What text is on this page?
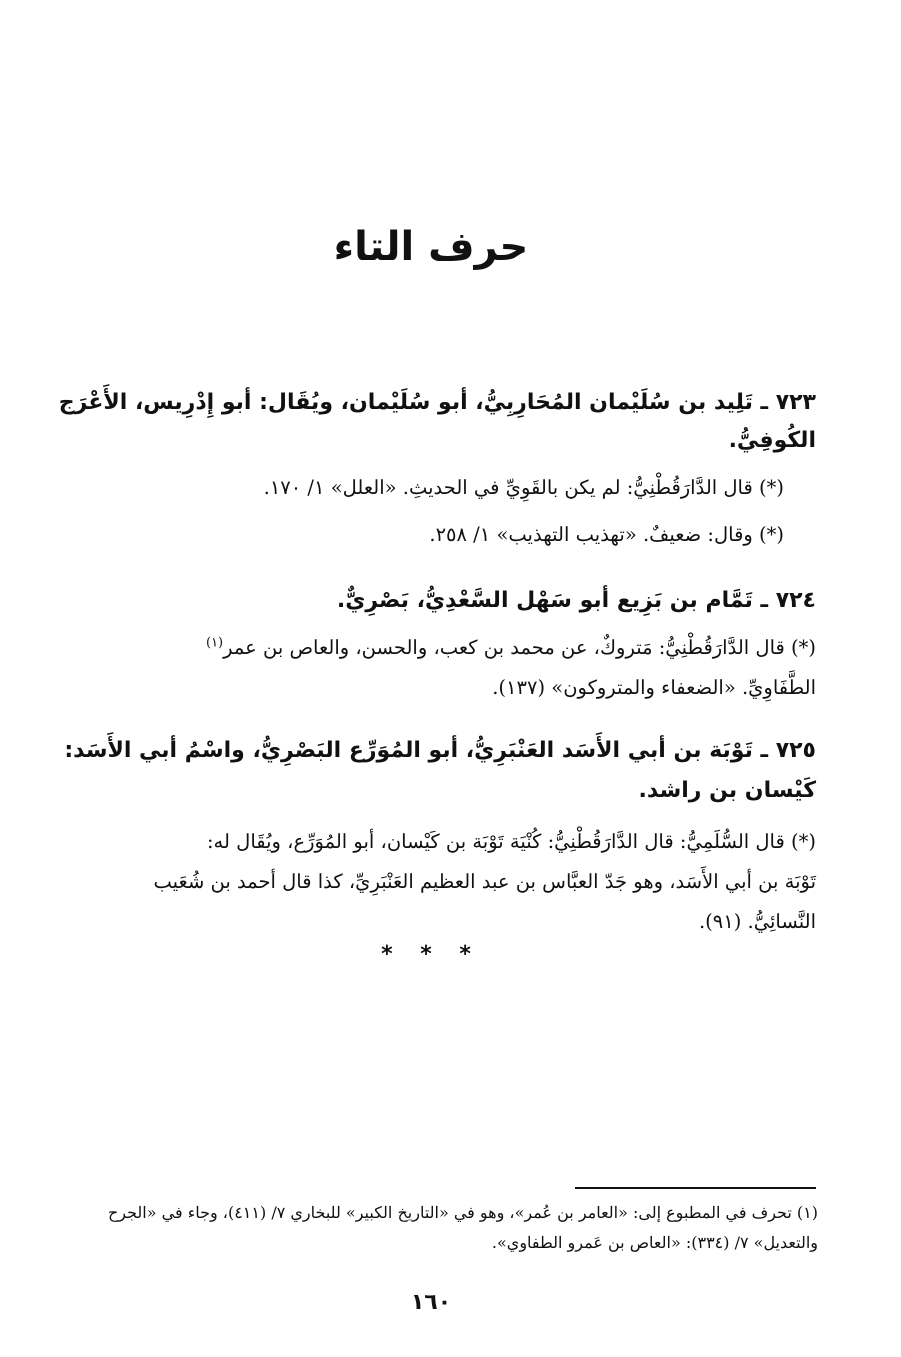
حرف التاء
٧٢٣ ـ تَلِيد بن سُلَيْمان المُحَارِبِيُّ، أبو سُلَيْمان، ويُقَال: أبو إِدْرِيس، الأَعْرَج
الكُوفِيُّ.
(*) قال الدَّارَقُطْنِيُّ: لم يكن بالقَوِيِّ في الحديثِ. «العلل» ١/ ١٧٠.
(*) وقال: ضعيفٌ. «تهذيب التهذيب» ١/ ٢٥٨.
٧٢٤ ـ تَمَّام بن بَزِيع أبو سَهْل السَّعْدِيُّ، بَصْرِيٌّ.
(*) قال الدَّارَقُطْنِيُّ: مَتروكٌ، عن محمد بن كعب، والحسن، والعاص بن عمر$^{(١)}$
الطَّفَاوِيِّ. «الضعفاء والمتروكون» (١٣٧).
٧٢٥ ـ تَوْبَة بن أبي الأَسَد العَنْبَرِيُّ، أبو المُوَرِّع البَصْرِيُّ، واسْمُ أبي الأَسَد:
كَيْسان بن راشد.
(*) قال السُّلَمِيُّ: قال الدَّارَقُطْنِيُّ: كُنْيَة تَوْبَة بن كَيْسان، أبو المُوَرِّع، ويُقَال له:
تَوْبَة بن أبي الأَسَد، وهو جَدّ العبَّاس بن عبد العظيم العَنْبَرِيِّ، كذا قال أحمد بن شُعَيب
النَّسائِيُّ. (٩١).
* * *
(١) تحرف في المطبوع إلى: «العامر بن عُمر»، وهو في «التاريخ الكبير» للبخاري ٧/ (٤١١)، وجاء في «الجرح والتعديل» ٧/ (٣٣٤): «العاص بن عَمرو الطفاوي».
١٦٠
